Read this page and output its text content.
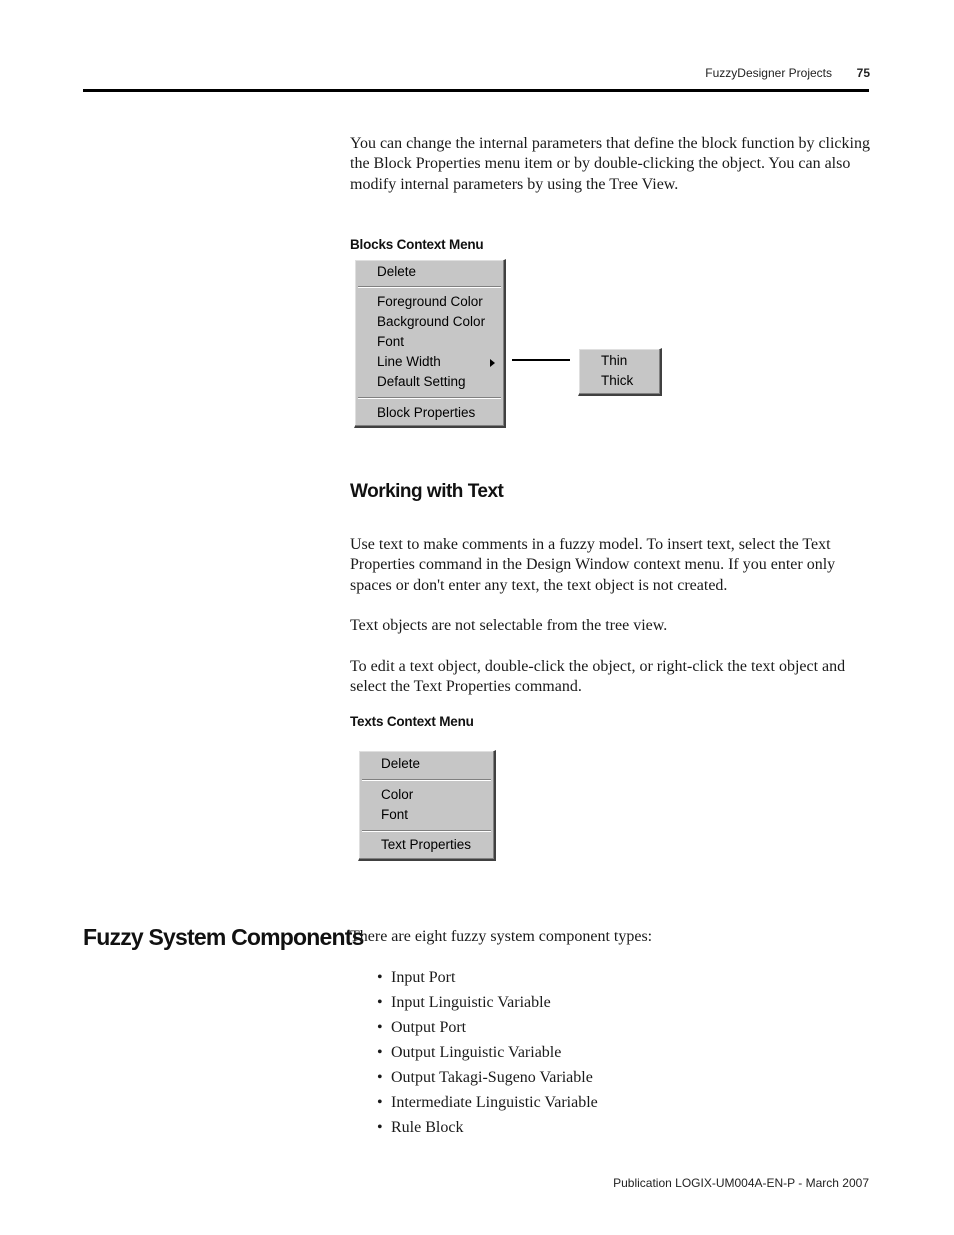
FuzzyDesigner Projects	75

You can change the internal parameters that define the block function by clicking the Block Properties menu item or by double-clicking the object. You can also modify internal parameters by using the Tree View.

Blocks Context Menu
Delete
Foreground Color
Background Color
Font
Line Width
Default Setting
Block Properties
Thin
Thick
Working with Text

Use text to make comments in a fuzzy model. To insert text, select the Text Properties command in the Design Window context menu. If you enter only spaces or don't enter any text, the text object is not created.

Text objects are not selectable from the tree view.

To edit a text object, double-click the object, or right-click the text object and select the Text Properties command.

Texts Context Menu
Delete
Color
Font
Text Properties
Fuzzy System Components

There are eight fuzzy system component types:

• Input Port
• Input Linguistic Variable
• Output Port
• Output Linguistic Variable
• Output Takagi-Sugeno Variable
• Intermediate Linguistic Variable
• Rule Block
Publication LOGIX-UM004A-EN-P - March 2007
